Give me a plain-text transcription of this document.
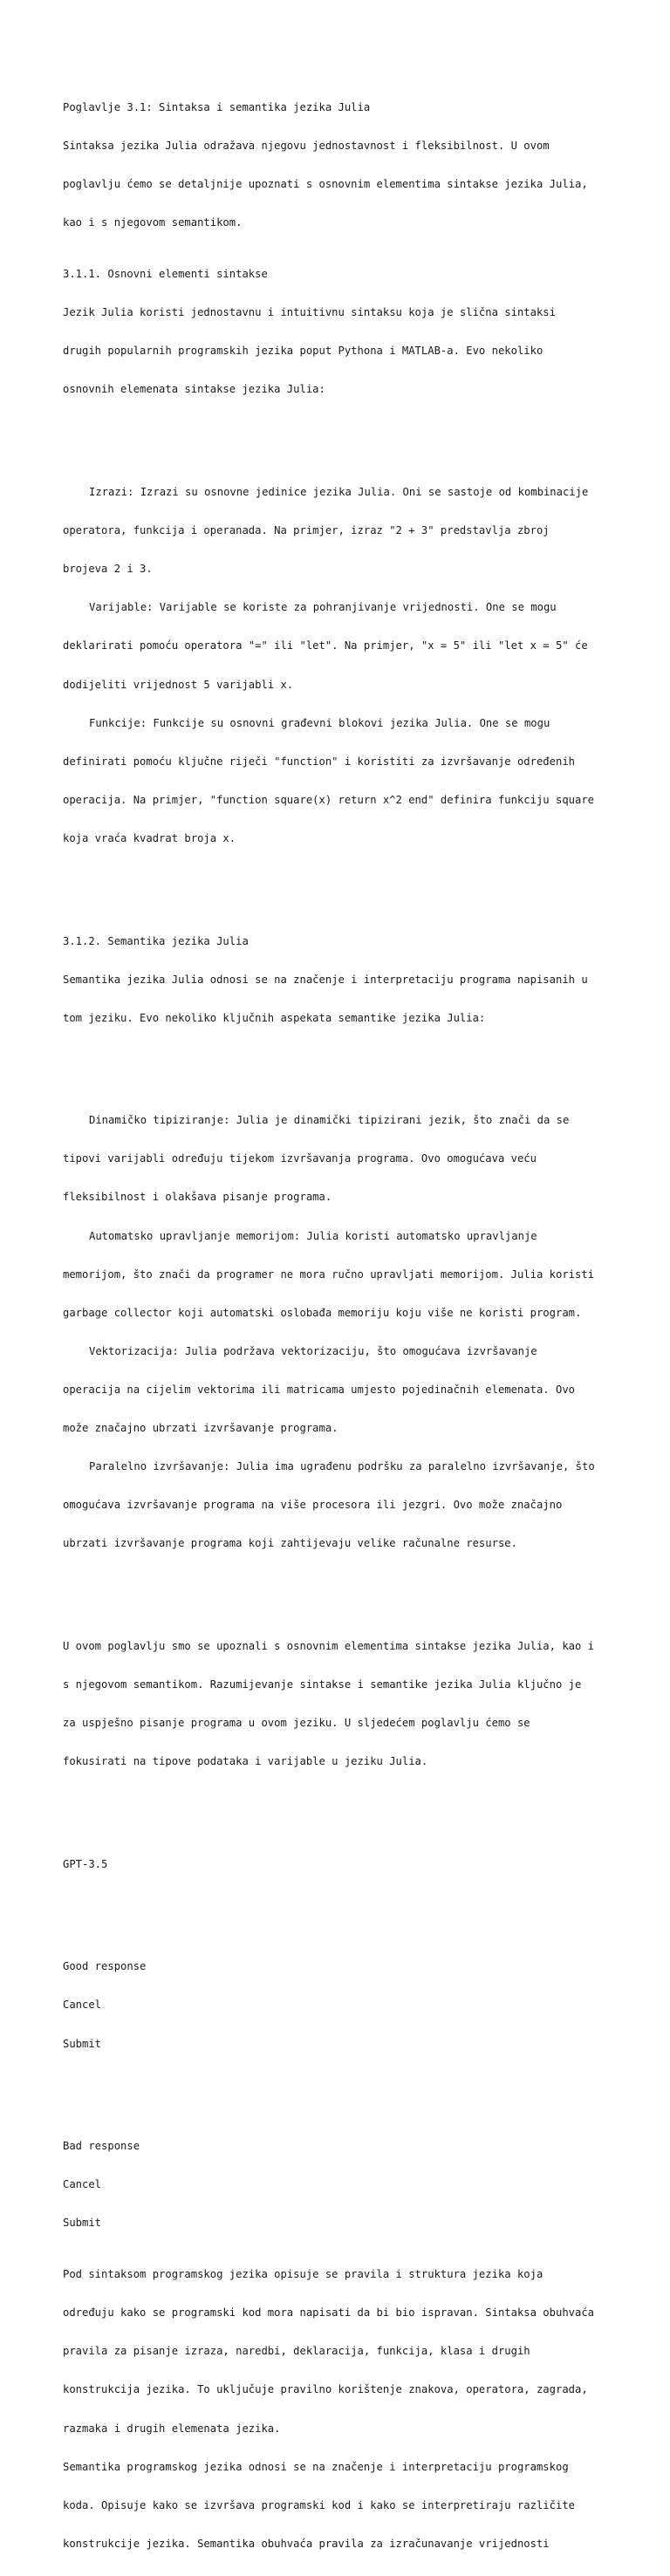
Poglavlje 3.1: Sintaksa i semantika jezika Julia

Sintaksa jezika Julia odražava njegovu jednostavnost i fleksibilnost. U ovom

poglavlju ćemo se detaljnije upoznati s osnovnim elementima sintakse jezika Julia,

kao i s njegovom semantikom.

3.1.1. Osnovni elementi sintakse

Jezik Julia koristi jednostavnu i intuitivnu sintaksu koja je slična sintaksi

drugih popularnih programskih jezika poput Pythona i MATLAB-a. Evo nekoliko

osnovnih elemenata sintakse jezika Julia:

Izrazi: Izrazi su osnovne jedinice jezika Julia. Oni se sastoje od kombinacije

operatora, funkcija i operanada. Na primjer, izraz "2 + 3" predstavlja zbroj

brojeva 2 i 3.

Varijable: Varijable se koriste za pohranjivanje vrijednosti. One se mogu

deklarirati pomoću operatora "=" ili "let". Na primjer, "x = 5" ili "let x = 5" će

dodijeliti vrijednost 5 varijabli x.

Funkcije: Funkcije su osnovni građevni blokovi jezika Julia. One se mogu

definirati pomoću ključne riječi "function" i koristiti za izvršavanje određenih

operacija. Na primjer, "function square(x) return x^2 end" definira funkciju square

koja vraća kvadrat broja x.

3.1.2. Semantika jezika Julia

Semantika jezika Julia odnosi se na značenje i interpretaciju programa napisanih u

tom jeziku. Evo nekoliko ključnih aspekata semantike jezika Julia:

Dinamičko tipiziranje: Julia je dinamički tipizirani jezik, što znači da se

tipovi varijabli određuju tijekom izvršavanja programa. Ovo omogućava veću

fleksibilnost i olakšava pisanje programa.

Automatsko upravljanje memorijom: Julia koristi automatsko upravljanje

memorijom, što znači da programer ne mora ručno upravljati memorijom. Julia koristi

garbage collector koji automatski oslobađa memoriju koju više ne koristi program.

Vektorizacija: Julia podržava vektorizaciju, što omogućava izvršavanje

operacija na cijelim vektorima ili matricama umjesto pojedinačnih elemenata. Ovo

može značajno ubrzati izvršavanje programa.

Paralelno izvršavanje: Julia ima ugrađenu podršku za paralelno izvršavanje, što

omogućava izvršavanje programa na više procesora ili jezgri. Ovo može značajno

ubrzati izvršavanje programa koji zahtijevaju velike računalne resurse.

U ovom poglavlju smo se upoznali s osnovnim elementima sintakse jezika Julia, kao i

s njegovom semantikom. Razumijevanje sintakse i semantike jezika Julia ključno je

za uspješno pisanje programa u ovom jeziku. U sljedećem poglavlju ćemo se

fokusirati na tipove podataka i varijable u jeziku Julia.

GPT-3.5

Good response

Cancel

Submit

Bad response

Cancel

Submit

Pod sintaksom programskog jezika opisuje se pravila i struktura jezika koja

određuju kako se programski kod mora napisati da bi bio ispravan. Sintaksa obuhvaća

pravila za pisanje izraza, naredbi, deklaracija, funkcija, klasa i drugih

konstrukcija jezika. To uključuje pravilno korištenje znakova, operatora, zagrada,

razmaka i drugih elemenata jezika.

Semantika programskog jezika odnosi se na značenje i interpretaciju programskog

koda. Opisuje kako se izvršava programski kod i kako se interpretiraju različite

konstrukcije jezika. Semantika obuhvaća pravila za izračunavanje vrijednosti
